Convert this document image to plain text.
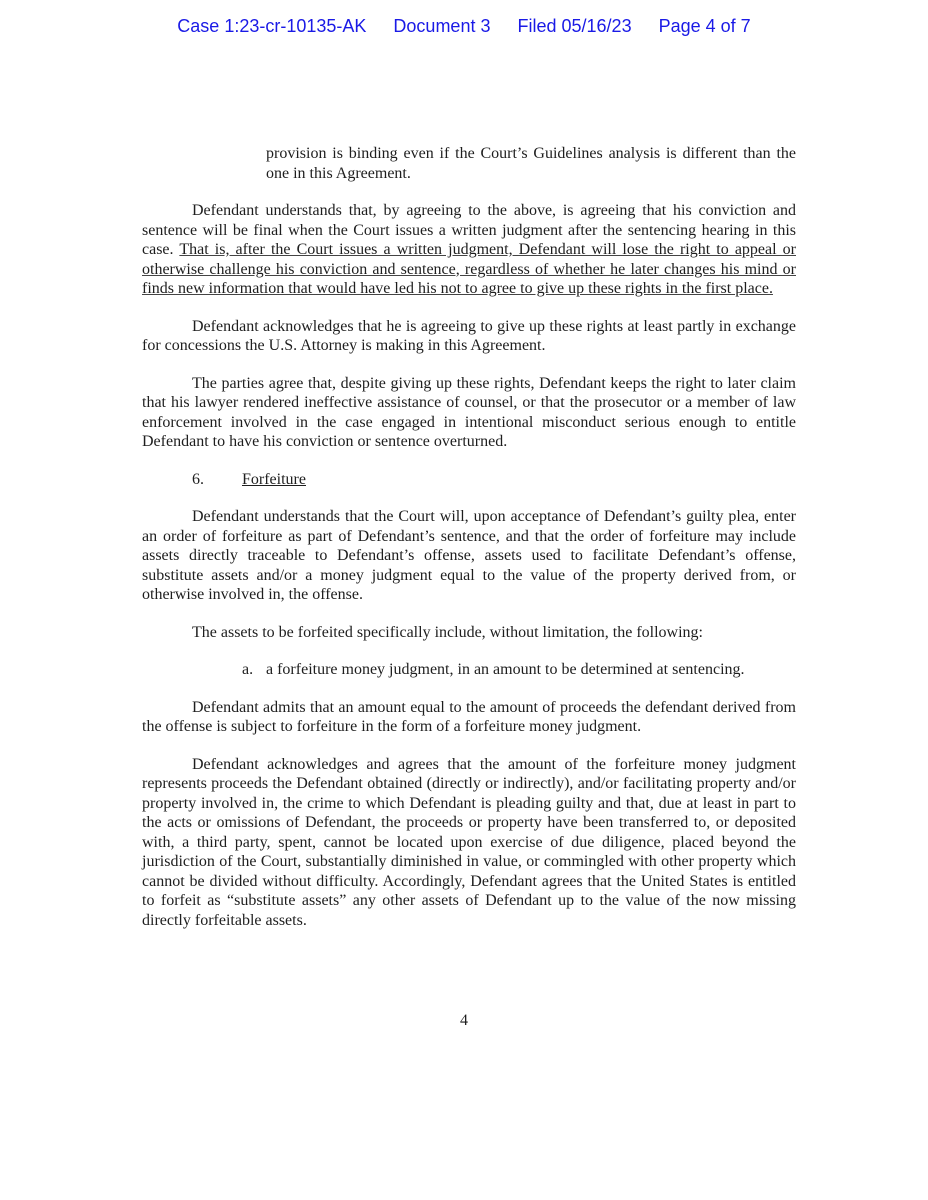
Case 1:23-cr-10135-AK Document 3 Filed 05/16/23 Page 4 of 7

provision is binding even if the Court’s Guidelines analysis is different than the one in this Agreement.

Defendant understands that, by agreeing to the above, is agreeing that his conviction and sentence will be final when the Court issues a written judgment after the sentencing hearing in this case. That is, after the Court issues a written judgment, Defendant will lose the right to appeal or otherwise challenge his conviction and sentence, regardless of whether he later changes his mind or finds new information that would have led his not to agree to give up these rights in the first place.

Defendant acknowledges that he is agreeing to give up these rights at least partly in exchange for concessions the U.S. Attorney is making in this Agreement.

The parties agree that, despite giving up these rights, Defendant keeps the right to later claim that his lawyer rendered ineffective assistance of counsel, or that the prosecutor or a member of law enforcement involved in the case engaged in intentional misconduct serious enough to entitle Defendant to have his conviction or sentence overturned.

6. Forfeiture

Defendant understands that the Court will, upon acceptance of Defendant’s guilty plea, enter an order of forfeiture as part of Defendant’s sentence, and that the order of forfeiture may include assets directly traceable to Defendant’s offense, assets used to facilitate Defendant’s offense, substitute assets and/or a money judgment equal to the value of the property derived from, or otherwise involved in, the offense.

The assets to be forfeited specifically include, without limitation, the following:

a. a forfeiture money judgment, in an amount to be determined at sentencing.

Defendant admits that an amount equal to the amount of proceeds the defendant derived from the offense is subject to forfeiture in the form of a forfeiture money judgment.

Defendant acknowledges and agrees that the amount of the forfeiture money judgment represents proceeds the Defendant obtained (directly or indirectly), and/or facilitating property and/or property involved in, the crime to which Defendant is pleading guilty and that, due at least in part to the acts or omissions of Defendant, the proceeds or property have been transferred to, or deposited with, a third party, spent, cannot be located upon exercise of due diligence, placed beyond the jurisdiction of the Court, substantially diminished in value, or commingled with other property which cannot be divided without difficulty. Accordingly, Defendant agrees that the United States is entitled to forfeit as “substitute assets” any other assets of Defendant up to the value of the now missing directly forfeitable assets.

4
